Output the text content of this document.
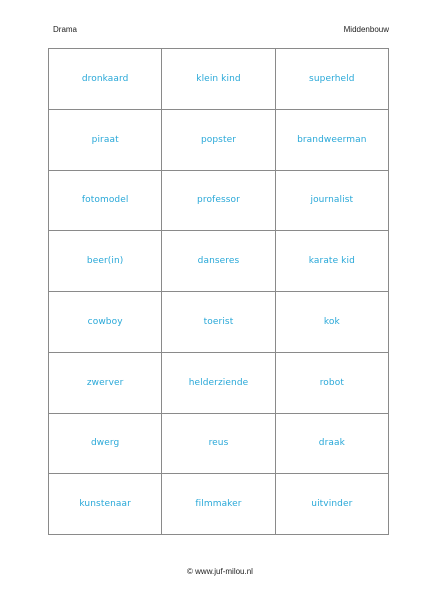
Drama	Middenbouw
dronkaard	klein kind	superheld
piraat	popster	brandweerman
fotomodel	professor	journalist
beer(in)	danseres	karate kid
cowboy	toerist	kok
zwerver	helderziende	robot
dwerg	reus	draak
kunstenaar	filmmaker	uitvinder
© www.juf-milou.nl
